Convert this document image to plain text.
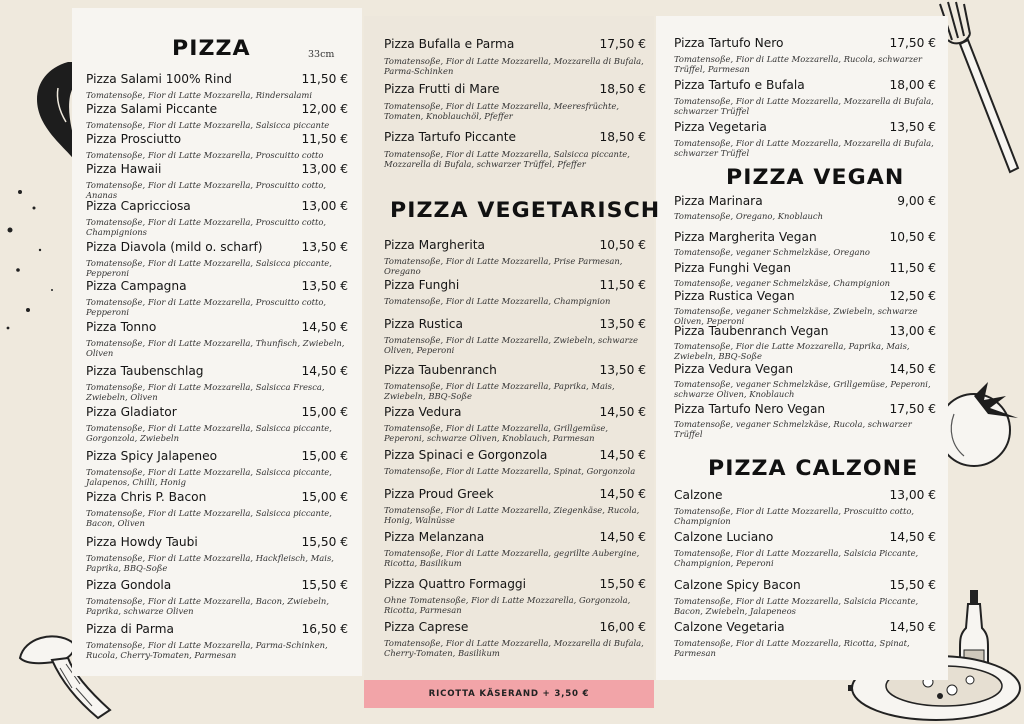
PIZZA	33cm
Pizza Salami 100% Rind	11,50 €
Tomatensoße, Fior di Latte Mozzarella, Rindersalami
Pizza Salami Piccante	12,00 €
Tomatensoße, Fior di Latte Mozzarella, Salsicca piccante
Pizza Prosciutto	11,50 €
Tomatensoße, Fior di Latte Mozzarella, Proscuitto cotto
Pizza Hawaii	13,00 €
Tomatensoße, Fior di Latte Mozzarella, Proscuitto cotto, Ananas
Pizza Capricciosa	13,00 €
Tomatensoße, Fior di Latte Mozzarella, Proscuitto cotto, Champignions
Pizza Diavola (mild o. scharf)	13,50 €
Tomatensoße, Fior di Latte Mozzarella, Salsicca piccante, Pepperoni
Pizza Campagna	13,50 €
Tomatensoße, Fior di Latte Mozzarella, Proscuitto cotto, Pepperoni
Pizza Tonno	14,50 €
Tomatensoße, Fior di Latte Mozzarella, Thunfisch, Zwiebeln, Oliven
Pizza Taubenschlag	14,50 €
Tomatensoße, Fior di Latte Mozzarella, Salsicca Fresca, Zwiebeln, Oliven
Pizza Gladiator	15,00 €
Tomatensoße, Fior di Latte Mozzarella, Salsicca piccante, Gorgonzola, Zwiebeln
Pizza Spicy Jalapeneo	15,00 €
Tomatensoße, Fior di Latte Mozzarella, Salsicca piccante, Jalapenos, Chilli, Honig
Pizza Chris P. Bacon	15,00 €
Tomatensoße, Fior di Latte Mozzarella, Salsicca piccante, Bacon, Oliven
Pizza Howdy Taubi	15,50 €
Tomatensoße, Fior di Latte Mozzarella, Hackfleisch, Mais, Paprika, BBQ-Soße
Pizza Gondola	15,50 €
Tomatensoße, Fior di Latte Mozzarella, Bacon, Zwiebeln, Paprika, schwarze Oliven
Pizza di Parma	16,50 €
Tomatensoße, Fior di Latte Mozzarella, Parma-Schinken, Rucola, Cherry-Tomaten, Parmesan
Pizza Bufalla e Parma	17,50 €
Tomatensoße, Fior di Latte Mozzarella, Mozzarella di Bufala, Parma-Schinken
Pizza Frutti di Mare	18,50 €
Tomatensoße, Fior di Latte Mozzarella, Meeresfrüchte, Tomaten, Knoblauchöl, Pfeffer
Pizza Tartufo Piccante	18,50 €
Tomatensoße, Fior di Latte Mozzarella, Salsicca piccante, Mozzarella di Bufala, schwarzer Trüffel, Pfeffer
PIZZA VEGETARISCH
Pizza Margherita	10,50 €
Tomatensoße, Fior di Latte Mozzarella, Prise Parmesan, Oregano
Pizza Funghi	11,50 €
Tomatensoße, Fior di Latte Mozzarella, Champignion
Pizza Rustica	13,50 €
Tomatensoße, Fior di Latte Mozzarella, Zwiebeln, schwarze Oliven, Peperoni
Pizza Taubenranch	13,50 €
Tomatensoße, Fior di Latte Mozzarella, Paprika, Mais, Zwiebeln, BBQ-Soße
Pizza Vedura	14,50 €
Tomatensoße, Fior di Latte Mozzarella, Grillgemüse, Peperoni, schwarze Oliven, Knoblauch, Parmesan
Pizza Spinaci e Gorgonzola	14,50 €
Tomatensoße, Fior di Latte Mozzarella, Spinat, Gorgonzola
Pizza Proud Greek	14,50 €
Tomatensoße, Fior di Latte Mozzarella, Ziegenkäse, Rucola, Honig, Walnüsse
Pizza Melanzana	14,50 €
Tomatensoße, Fior di Latte Mozzarella, gegrillte Aubergine, Ricotta, Basilikum
Pizza Quattro Formaggi	15,50 €
Ohne Tomatensoße, Fior di Latte Mozzarella, Gorgonzola, Ricotta, Parmesan
Pizza Caprese	16,00 €
Tomatensoße, Fior di Latte Mozzarella, Mozzarella di Bufala, Cherry-Tomaten, Basilikum
Pizza Tartufo Nero	17,50 €
Tomatensoße, Fior di Latte Mozzarella, Rucola, schwarzer Trüffel, Parmesan
Pizza Tartufo e Bufala	18,00 €
Tomatensoße, Fior di Latte Mozzarella, Mozzarella di Bufala, schwarzer Trüffel
Pizza Vegetaria	13,50 €
Tomatensoße, Fior di Latte Mozzarella, Mozzarella di Bufala, schwarzer Trüffel
PIZZA VEGAN
Pizza Marinara	9,00 €
Tomatensoße, Oregano, Knoblauch
Pizza Margherita Vegan	10,50 €
Tomatensoße, veganer Schmelzkäse, Oregano
Pizza Funghi Vegan	11,50 €
Tomatensoße, veganer Schmelzkäse, Champignion
Pizza Rustica Vegan	12,50 €
Tomatensoße, veganer Schmelzkäse, Zwiebeln, schwarze Oliven, Peperoni
Pizza Taubenranch Vegan	13,00 €
Tomatensoße, Fior die Latte Mozzarella, Paprika, Mais, Zwiebeln, BBQ-Soße
Pizza Vedura Vegan	14,50 €
Tomatensoße, veganer Schmelzkäse, Grillgemüse, Peperoni, schwarze Oliven, Knoblauch
Pizza Tartufo Nero Vegan	17,50 €
Tomatensoße, veganer Schmelzkäse, Rucola, schwarzer Trüffel
PIZZA CALZONE
Calzone	13,00 €
Tomatensoße, Fior di Latte Mozzarella, Proscuitto cotto, Champignion
Calzone Luciano	14,50 €
Tomatensoße, Fior di Latte Mozzarella, Salsicia Piccante, Champignion, Peperoni
Calzone Spicy Bacon	15,50 €
Tomatensoße, Fior di Latte Mozzarella, Salsicia Piccante, Bacon, Zwiebeln, Jalapeneos
Calzone Vegetaria	14,50 €
Tomatensoße, Fior di Latte Mozzarella, Ricotta, Spinat, Parmesan
RICOTTA KÄSERAND + 3,50 €
